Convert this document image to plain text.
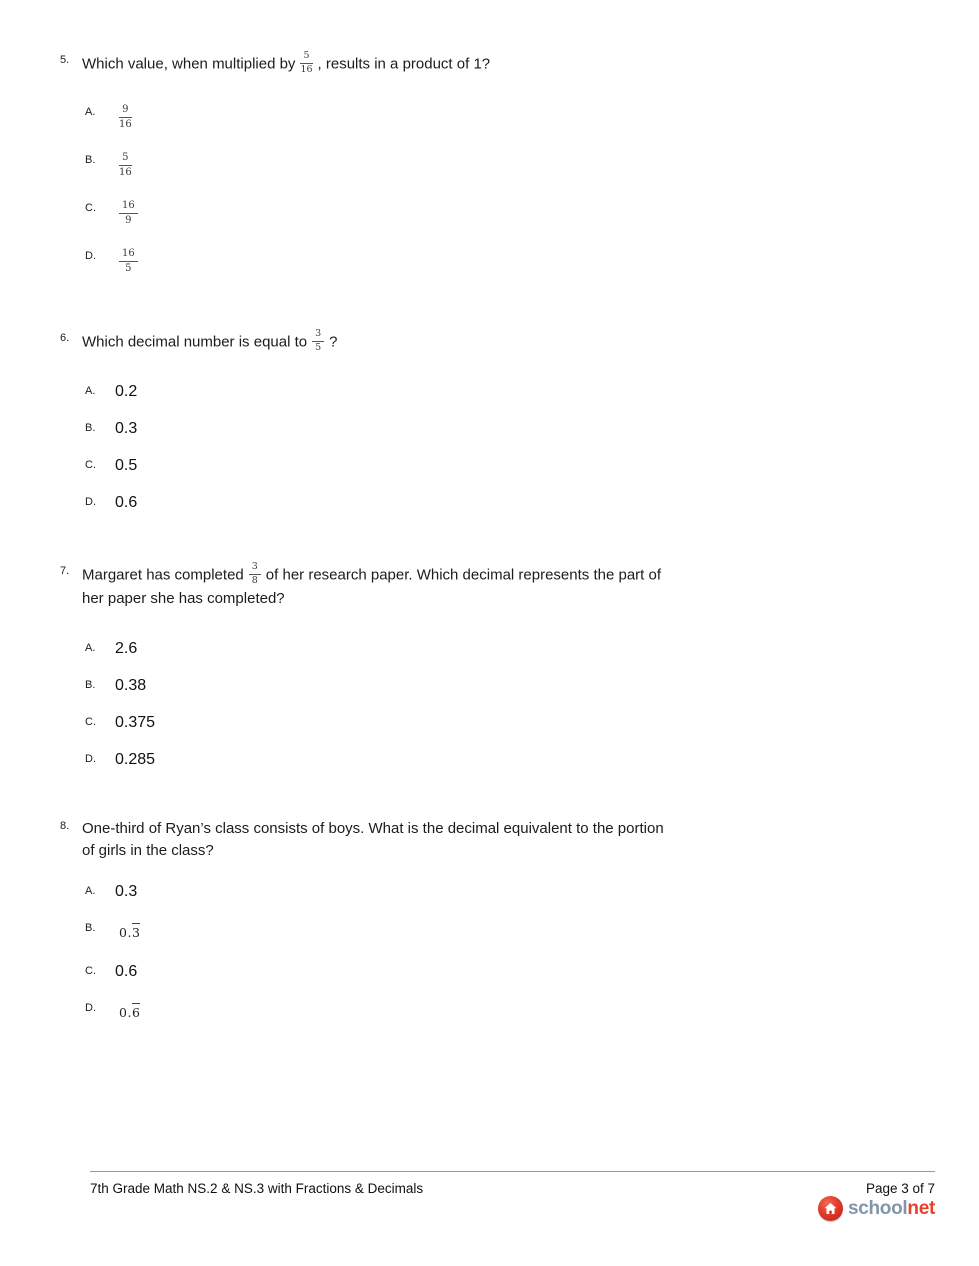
5. Which value, when multiplied by $\frac{5}{16}$ , results in a product of 1?
A.	$\frac{9}{16}$
B.	$\frac{5}{16}$
C.	$\frac{16}{9}$
D.	$\frac{16}{5}$
6. Which decimal number is equal to $\frac{3}{5}$ ?
A.	0.2
B.	0.3
C.	0.5
D.	0.6
7. Margaret has completed $\frac{3}{8}$ of her research paper. Which decimal represents the part of
her paper she has completed?
A.	2.6
B.	0.38
C.	0.375
D.	0.285
8. One-third of Ryan’s class consists of boys. What is the decimal equivalent to the portion
of girls in the class?
A.	0.3
B.	0.3
C.	0.6
D.	0.6
7th Grade Math NS.2 & NS.3 with Fractions & Decimals	Page 3 of 7
schoolnet
